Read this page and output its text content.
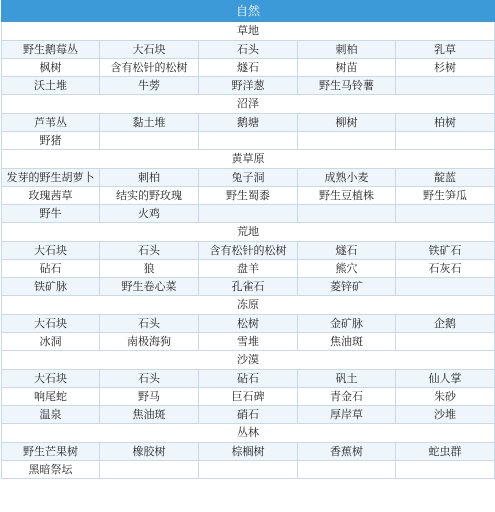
自然				
草地				
野生鹅莓丛	大石块	石头	刺柏	乳草
枫树	含有松针的松树	燧石	树苗	杉树
沃土堆	牛蒡	野洋葱	野生马铃薯	
沼泽				
芦苇丛	黏土堆	鹅塘	柳树	柏树
野猪				
黄草原				
发芽的野生胡萝卜	刺柏	兔子洞	成熟小麦	靛蓝
玫瑰茜草	结实的野玫瑰	野生蜀黍	野生豆植株	野生笋瓜
野牛	火鸡			
荒地				
大石块	石头	含有松针的松树	燧石	铁矿石
砧石	狼	盘羊	熊穴	石灰石
铁矿脉	野生卷心菜	孔雀石	菱锌矿	
冻原				
大石块	石头	松树	金矿脉	企鹅
冰洞	南极海狗	雪堆	焦油斑	
沙漠				
大石块	石头	砧石	矾土	仙人掌
响尾蛇	野马	巨石碑	青金石	朱砂
温泉	焦油斑	硝石	厚岸草	沙堆
丛林				
野生芒果树	橡胶树	棕榈树	香蕉树	蛇虫群
黑暗祭坛				
